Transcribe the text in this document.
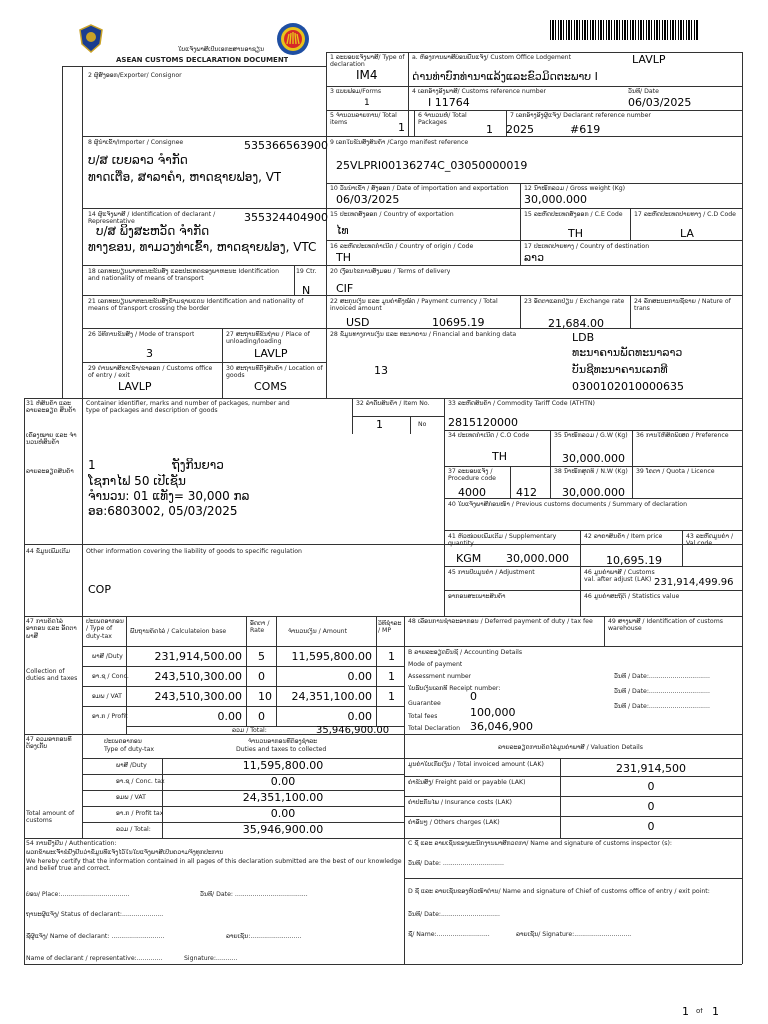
ໃບແຈ້ງພາສີເປັນເອກະສານອາຊຽນ
ASEAN CUSTOMS DECLARATION DOCUMENT
2 ຜູ້ສົ່ງອອກ/Exporter/ Consignor
1 ລະບອບແຈ້ງພາສີ/ Type of declaration
IM4
a. ຫ້ອງການພາສີບ່ອນຍື່ນແຈ້ງ/ Custom Office Lodgement	LAVLP
ດ່ານທ່າບົກທ່ານາແລ້ງແລະຂົວມິດຕະພາບ I
3 ແບບຟອມ/Forms
1
4 ເລກອ້າງອີງພາສີ/ Customs reference number
I 11764
ວັນທີ/ Date
06/03/2025
5 ຈໍານວນລາຍການ/ Total items	1
6 ຈໍານວນຫໍ່/ Total Packages
1
7 ເລກອ້າງອີງຜູ້ແຈ້ງ/ Declarant reference number
2025	#619
8 ຜູ້ນໍາເຂົ້າ/Importer / Consignee	535366563900
ບ/ສ ເບຍລາວ ຈໍາກັດ
ທາດເຕື່ອ, ສາລາຄໍາ, ຫາດຊາຍຟອງ, VT
9 ເລກໃບຂົນສົ່ງສິນຄ້າ /Cargo manifest reference
25VLPRI00136274C_03050000019
10 ວັນນໍາເຂົ້າ / ສົ່ງອອກ / Date of importation and exportation
06/03/2025
12 ນໍ້າໜັກລວມ / Gross weight (Kg)
30,000.000
14 ຜູ້ແຈ້ງພາສີ / Identification of declarant / Representative	355324404900
ບ/ສ ພິງສະຫວັດ ຈໍາກັດ
ທາງຂອນ, ທາມວງທ່າເຂົ້າ, ຫາດຊາຍຟອງ, VTC
15 ປະເທດສົ່ງອອກ / Country of exportation
ໄທ
15 ລະຫັດປະເທດສົ່ງອອກ / C.E Code
TH
17 ລະຫັດປະເທດປາຍທາງ / C.D Code
LA
16 ລະຫັດປະເທດກໍາເນີດ / Country of origin / Code
TH
17 ປະເທດປາຍທາງ / Country of destination
ລາວ
18 ເລກທະບຽນພາຫະນະຂົນສົ່ງ ແລະປະເທດຂອງພາຫະນະ Identification and nationality of means of transport
19 Ctr.
N
20 ເງື່ອນໄຂການສົ່ງມອບ / Terms of delivery
CIF
21 ເລກທະບຽນພາຫະນະຂົນສົ່ງຂ້າມຊາຍແດນ Identification and nationality of means of transport crossing the border
22 ສະກຸນເງິນ ແລະ ມູນຄ່າທັງໝົດ / Payment currency / Total invoiced amount
USD	10695.19
23 ອັດຕາແລກປ່ຽນ / Exchange rate
21,684.00
24 ລັກສະນະການຊື້ຂາຍ / Nature of trans
26 ວິທີການຂົນສົ່ງ / Mode of transport
3
27 ສະຖານທີ່ຂົນຖ່າຍ / Place of unloading/loading
LAVLP
28 ຂໍ້ມູນທາງການເງິນ ແລະ ທະນາຄານ / Financial and banking data	LDB
ທະນາຄານພັດທະນາລາວ
13	ບັນຊີທະນາຄານເລກທີ
0300102010000635
29 ດ່ານພາສີຂາເຂົ້າ/ຂາອອກ / Customs office of entry / exit
LAVLP
30 ສະຖານທີ່ຕັ້ງສິນຄ້າ / Location of goods
COMS
31 ຫໍ່ສິນຄ້າ ແລະ ລາຍລະອຽດ ສິນຄ້າ
ເຄື່ອງໝາຍ ແລະ ຈໍານວນຫໍ່ສິນຄ້າ
ລາຍລະອຽດສິນຄ້າ
Container identifier, marks and number of packages, number and type of packages and description of goods
1	ຖັງກິນຍາວ
ໂຊກາໄຟ 50 ເປີເຊັນ
ຈໍານວນ: 01 ແທັງ= 30,000 ກລ
ອອ:6803002, 05/03/2025
32 ລໍາດັບສິນຄ້າ / Item No.
1	No
33 ລະຫັດສິນຄ້າ / Commodity Tariff Code (ATHTN)
2815120000
34 ປະເທດກໍາເນີດ / C.O Code
TH
35 ນໍ້າໜັກລວມ / G.W (Kg)
30,000.000
36 ການໃຫ້ສິດພິເສດ / Preference
37 ລະບອບແຈ້ງ / Procedure code
4000	412
38 ນໍ້າໜັກສຸດທິ / N.W (Kg)
30,000.000
39 ໂຄຕາ / Quota / Licence
40 ໃບແຈ້ງພາສີກ່ອນໜ້າ / Previous customs documents / Summary of declaration
41 ຫົວໜ່ວຍເພີ່ມເຕີມ / Supplementary quantity
KGM 30,000.000
42 ລາຄາສິນຄ້າ / Item price
10,695.19
43 ລະຫັດມູນຄ່າ / Val code
44 ຂໍ້ມູນເພີ່ມເຕີມ	Other information covering the liability of goods to specific regulation
COP
45 ການປັບມູນຄ່າ / Adjustment	46 ມູນຄ່າພາສີ / Customs val. after adjust (LAK) 231,914,499.96
ອາກອນສະເພາະສິນຄ້າ	46 ມູນຄ່າສະຖິຕິ / Statistics value
47 ການຄິດໄລ່ອາກອນ ແລະ ອັດຕາພາສີ
Collection of duties and taxes
ປະເພດອາກອນ / Type of duty-tax
ພື້ນຖານຄິດໄລ່ / Calculateion base
ອັດຕາ / Rate	ຈໍານວນເງິນ / Amount
ວິທີຊໍາລະ / MP
ພາສີ /Duty	231,914,500.00 5	11,595,800.00 1
ອາ.ຊ / Conc.	243,510,300.00 0	0.00 1
ອມພ / VAT	243,510,300.00 10	24,351,100.00 1
ອາ.ກ / Profit	0.00 0	0.00
ລວມ / Total:	35,946,900.00
48 ເລື່ອນການຊໍາລະອາກອນ / Deferred payment of duty / tax fee	49 ສາງພາສີ / Identification of customs warehouse
B ລາຍລະອຽດບັນຊີ / Accounting Details
Mode of payment
Assessment number
ໃບຮັບເງິນເລກທີ Receipt number:
0
Guarantee
Total fees	100,000
Total Declaration 36,046,900
ວັນທີ / Date:...............................
ວັນທີ / Date:...............................
ວັນທີ / Date:...............................
47 ລວມອາກອນທີ່ຕ້ອງເກັບ
Total amount of customs
ປະເພດອາກອນ
Type of duty-tax
ຈໍານວນອາກອນທີ່ຕ້ອງຊໍາລະ
Duties and taxes to collected
ພາສີ /Duty	11,595,800.00
ອາ.ຊ / Conc. tax	0.00
ອມພ / VAT	24,351,100.00
ອາ.ກ / Profit tax	0.00
ລວມ / Total:	35,946,900.00
ລາຍລະອຽດການຄິດໄລ່ມູນຄ່າພາສີ / Valuation Details
ມູນຄ່າໃບເກັບເງິນ / Total invoiced amount (LAK)	231,914,500
ຄ່າຂົນສົ່ງ/ Freight paid or payable (LAK)	0
ຄ່າປະກັນໄພ / Insurance costs (LAK)	0
ຄ່າອື່ນໆ / Others charges (LAK)	0
54 ການຢັ້ງຢືນ / Authentication:
ພວກຂ້າພະເຈົ້າຂໍຢັ້ງຢືນວ່າຂໍ້ມູນທີ່ແຈ້ງໄວ້ໃນໃບແຈ້ງພາສີເປັນຄວາມຈິງທຸກປະການ
We hereby certify that the information contained in all pages of this declaration submitted are the best of our knowledge and belief true and correct.
ບ່ອນ/ Place:...................................	ວັນທີ/ Date: .....................................
ຖານະຜູ້ແຈ້ງ/ Status of declarant:.....................
ຊື່ຜູ້ແຈ້ງ/ Name of declarant: ...........................	ລາຍເຊັນ:..........................
Name of declarant / representative:.............	Signature:...........
C ຊື່ ແລະ ລາຍເຊັນຂອງພະນັກງານພາສີກວດກາ/ Name and signature of customs inspector (s):
ວັນທີ/ Date: ...............................
D ຊື່ ແລະ ລາຍເຊັນຂອງຫົວໜ້າດ່ານ/ Name and signature of Chief of customs office of entry / exit point:
ວັນທີ/ Date:..............................
ຊື່/ Name:...........................	ລາຍເຊັນ/ Signature:.............................
1 of 1
